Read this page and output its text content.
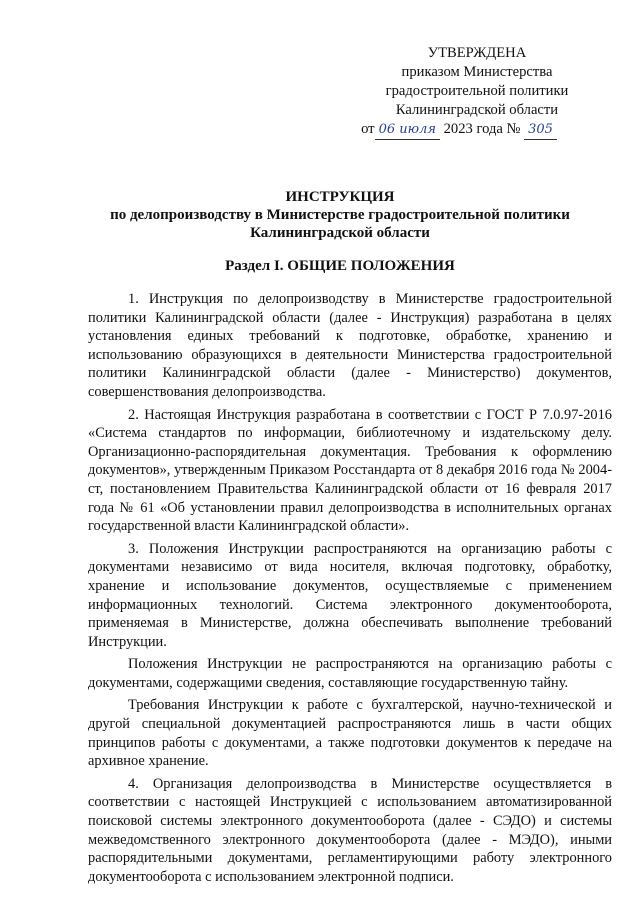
УТВЕРЖДЕНА
приказом Министерства
градостроительной политики
Калининградской области
от 06 июля 2023 года № 305
ИНСТРУКЦИЯ
по делопроизводству в Министерстве градостроительной политики
Калининградской области
Раздел I. ОБЩИЕ ПОЛОЖЕНИЯ

1. Инструкция по делопроизводству в Министерстве градостроительной политики Калининградской области (далее - Инструкция) разработана в целях установления единых требований к подготовке, обработке, хранению и использованию образующихся в деятельности Министерства градостроительной политики Калининградской области (далее - Министерство) документов, совершенствования делопроизводства.

2. Настоящая Инструкция разработана в соответствии с ГОСТ Р 7.0.97-2016 «Система стандартов по информации, библиотечному и издательскому делу. Организационно-распорядительная документация. Требования к оформлению документов», утвержденным Приказом Росстандарта от 8 декабря 2016 года № 2004-ст, постановлением Правительства Калининградской области от 16 февраля 2017 года № 61 «Об установлении правил делопроизводства в исполнительных органах государственной власти Калининградской области».

3. Положения Инструкции распространяются на организацию работы с документами независимо от вида носителя, включая подготовку, обработку, хранение и использование документов, осуществляемые с применением информационных технологий. Система электронного документооборота, применяемая в Министерстве, должна обеспечивать выполнение требований Инструкции.

Положения Инструкции не распространяются на организацию работы с документами, содержащими сведения, составляющие государственную тайну.

Требования Инструкции к работе с бухгалтерской, научно-технической и другой специальной документацией распространяются лишь в части общих принципов работы с документами, а также подготовки документов к передаче на архивное хранение.

4. Организация делопроизводства в Министерстве осуществляется в соответствии с настоящей Инструкцией с использованием автоматизированной поисковой системы электронного документооборота (далее - СЭДО) и системы межведомственного электронного документооборота (далее - МЭДО), иными распорядительными документами, регламентирующими работу электронного документооборота с использованием электронной подписи.
